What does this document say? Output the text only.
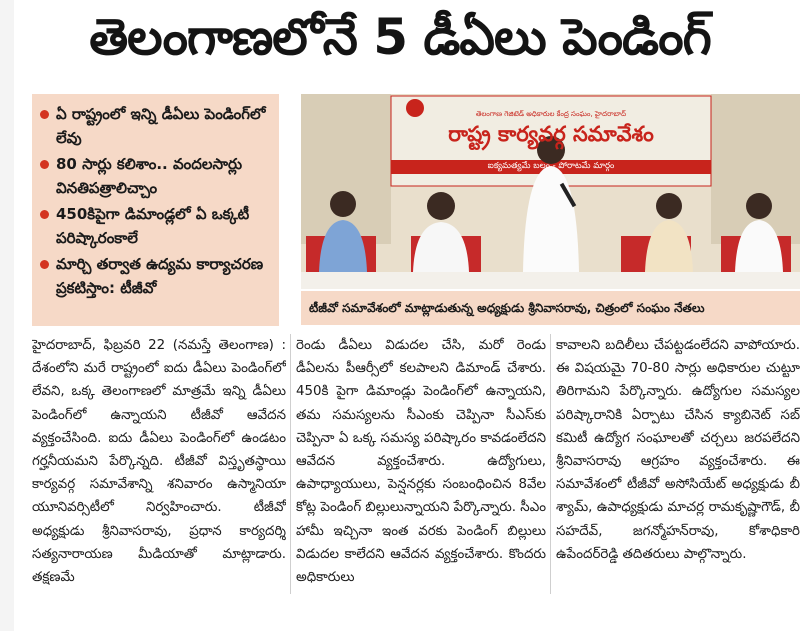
తెలంగాణలోనే 5 డీఏలు పెండింగ్
ఏ రాష్ట్రంలో ఇన్ని డీఏలు పెండింగ్‌లో లేవు
80 సార్లు కలిశాం.. వందలసార్లు వినతిపత్రాలిచ్చాం
450కిపైగా డిమాండ్లలో ఏ ఒక్కటీ పరిష్కారంకాలే
మార్చి తర్వాత ఉద్యమ కార్యాచరణ ప్రకటిస్తాం: టీజీవో
తెలంగాణ గెజిటెడ్ అధికారుల కేంద్ర సంఘం, హైదరాబాద్
రాష్ట్ర కార్యవర్గ సమావేశం
ఐక్యమత్యమే బలం - పోరాటమే మార్గం
టీజీవో సమావేశంలో మాట్లాడుతున్న అధ్యక్షుడు శ్రీనివాసరావు, చిత్రంలో సంఘం నేతలు
హైదరాబాద్, ఫిబ్రవరి 22 (నమస్తే తెలంగాణ) : దేశంలోని మరే రాష్ట్రంలో ఐదు డీఏలు పెండింగ్‌లో లేవని, ఒక్క తెలంగాణలో మాత్రమే ఇన్ని డీఏలు పెండింగ్‌లో ఉన్నాయని టీజీవో ఆవేదన వ్యక్తంచేసింది. ఐదు డీఏలు పెండింగ్‌లో ఉండటం గర్హనీయమని పేర్కొన్నది. టీజీవో విస్తృతస్థాయి కార్యవర్గ సమావేశాన్ని శనివారం ఉస్మానియా యూనివర్సిటీలో నిర్వహించారు. టీజీవో అధ్యక్షుడు శ్రీనివాసరావు, ప్రధాన కార్యదర్శి సత్యనారాయణ మీడియాతో మాట్లాడారు. తక్షణమే
రెండు డీఏలు విడుదల చేసి, మరో రెండు డీఏలను పీఆర్సీలో కలపాలని డిమాండ్ చేశారు. 450కి పైగా డిమాండ్లు పెండింగ్‌లో ఉన్నాయని, తమ సమస్యలను సీఎంకు చెప్పినా సీఎస్‌కు చెప్పినా ఏ ఒక్క సమస్య పరిష్కారం కావడంలేదని ఆవేదన వ్యక్తంచేశారు. ఉద్యోగులు, ఉపాధ్యాయులు, పెన్షనర్లకు సంబంధించిన 8వేల కోట్ల పెండింగ్ బిల్లులున్నాయని పేర్కొన్నారు. సీఎం హామీ ఇచ్చినా ఇంత వరకు పెండింగ్ బిల్లులు విడుదల కాలేదని ఆవేదన వ్యక్తంచేశారు. కొందరు అధికారులు
కావాలని బదిలీలు చేపట్టడంలేదని వాపోయారు. ఈ విషయమై 70-80 సార్లు అధికారుల చుట్టూ తిరిగామని పేర్కొన్నారు. ఉద్యోగుల సమస్యల పరిష్కారానికి ఏర్పాటు చేసిన క్యాబినెట్ సబ్ కమిటీ ఉద్యోగ సంఘాలతో చర్చలు జరపలేదని శ్రీనివాసరావు ఆగ్రహం వ్యక్తంచేశారు. ఈ సమావేశంలో టీజీవో అసోసియేట్ అధ్యక్షుడు బీ శ్యామ్, ఉపాధ్యక్షుడు మాచర్ల రామకృష్ణాగౌడ్, బీ సహదేవ్, జగన్మోహన్‌రావు, కోశాధికారి ఉపేందర్‌రెడ్డి తదితరులు పాల్గొన్నారు.
